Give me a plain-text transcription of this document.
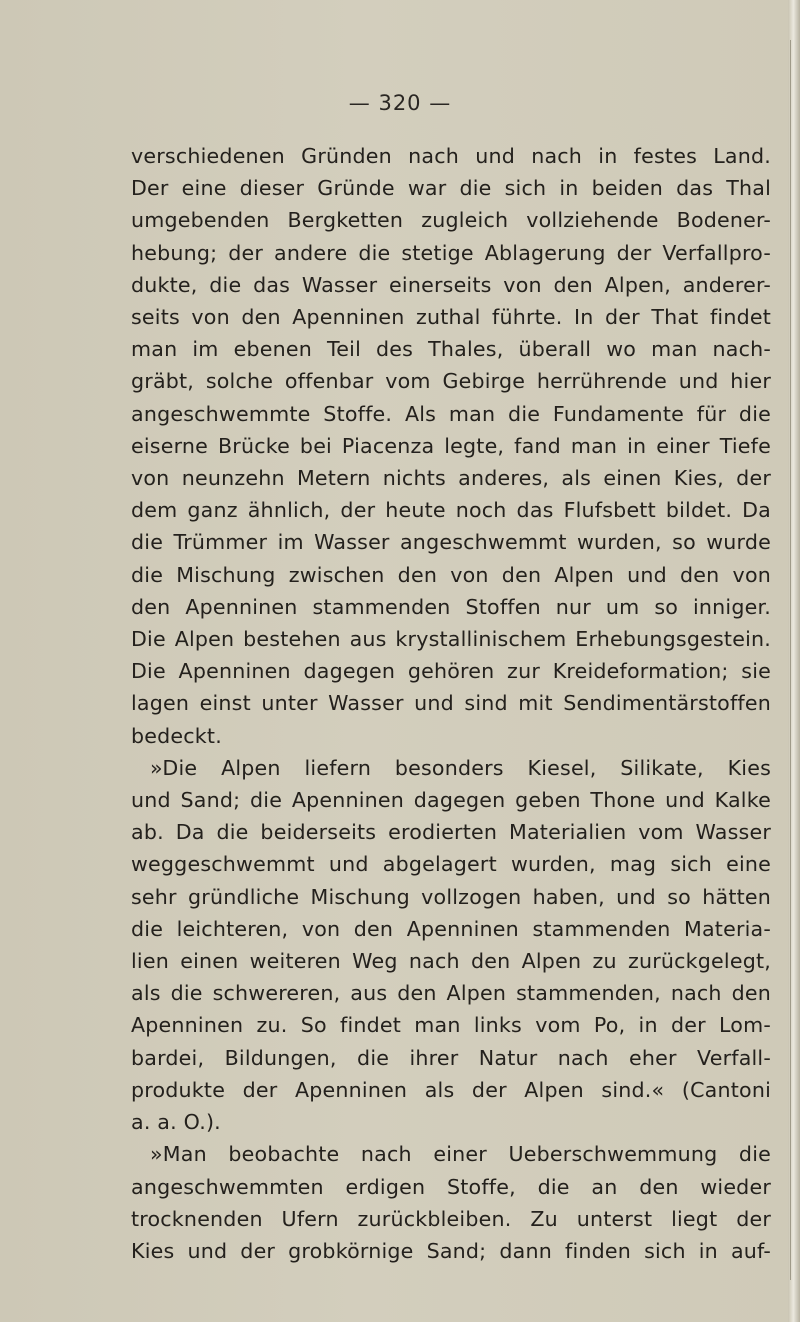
— 320 —
verschiedenen Gründen nach und nach in festes Land.
Der eine dieser Gründe war die sich in beiden das Thal
umgebenden Bergketten zugleich vollziehende Bodener-
hebung; der andere die stetige Ablagerung der Verfallpro-
dukte, die das Wasser einerseits von den Alpen, anderer-
seits von den Apenninen zuthal führte. In der That findet
man im ebenen Teil des Thales, überall wo man nach-
gräbt, solche offenbar vom Gebirge herrührende und hier
angeschwemmte Stoffe. Als man die Fundamente für die
eiserne Brücke bei Piacenza legte, fand man in einer Tiefe
von neunzehn Metern nichts anderes, als einen Kies, der
dem ganz ähnlich, der heute noch das Flufsbett bildet. Da
die Trümmer im Wasser angeschwemmt wurden, so wurde
die Mischung zwischen den von den Alpen und den von
den Apenninen stammenden Stoffen nur um so inniger.
Die Alpen bestehen aus krystallinischem Erhebungsgestein.
Die Apenninen dagegen gehören zur Kreideformation; sie
lagen einst unter Wasser und sind mit Sendimentärstoffen
bedeckt.
»Die Alpen liefern besonders Kiesel, Silikate, Kies
und Sand; die Apenninen dagegen geben Thone und Kalke
ab. Da die beiderseits erodierten Materialien vom Wasser
weggeschwemmt und abgelagert wurden, mag sich eine
sehr gründliche Mischung vollzogen haben, und so hätten
die leichteren, von den Apenninen stammenden Materia-
lien einen weiteren Weg nach den Alpen zu zurückgelegt,
als die schwereren, aus den Alpen stammenden, nach den
Apenninen zu. So findet man links vom Po, in der Lom-
bardei, Bildungen, die ihrer Natur nach eher Verfall-
produkte der Apenninen als der Alpen sind.« (Cantoni
a. a. O.).
»Man beobachte nach einer Ueberschwemmung die
angeschwemmten erdigen Stoffe, die an den wieder
trocknenden Ufern zurückbleiben. Zu unterst liegt der
Kies und der grobkörnige Sand; dann finden sich in auf-
